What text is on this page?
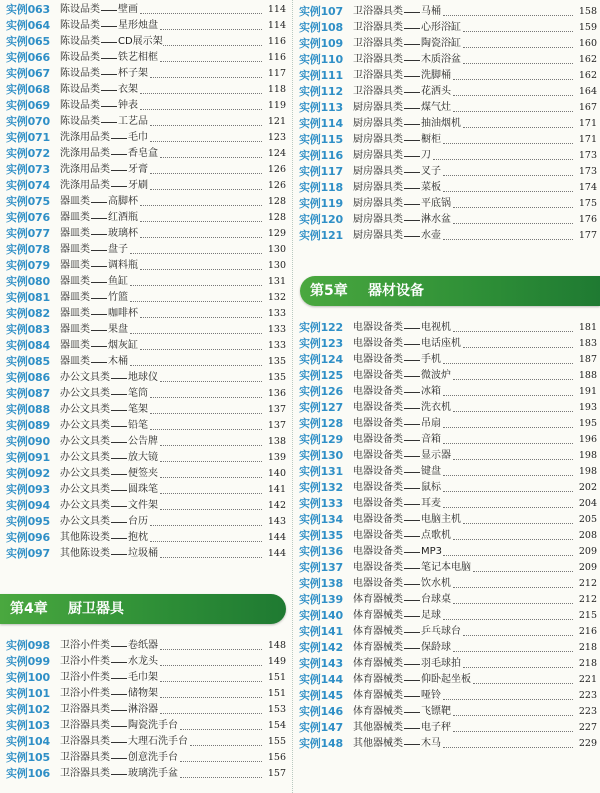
实例063 陈设品类 壁画	114
实例064 陈设品类 星形烛盘	114
实例065 陈设品类 CD展示架	116
实例066 陈设品类 铁艺相框	116
实例067 陈设品类 杯子架	117
实例068 陈设品类 衣架	118
实例069 陈设品类 钟表	119
实例070 陈设品类 工艺品	121
实例071 洗涤用品类 毛巾	123
实例072 洗涤用品类 香皂盒	124
实例073 洗涤用品类 牙膏	126
实例074 洗涤用品类 牙刷	126
实例075 器皿类 高脚杯	128
实例076 器皿类 红酒瓶	128
实例077 器皿类 玻璃杯	129
实例078 器皿类 盘子	130
实例079 器皿类 调料瓶	130
实例080 器皿类 鱼缸	131
实例081 器皿类 竹篮	132
实例082 器皿类 咖啡杯	133
实例083 器皿类 果盘	133
实例084 器皿类 烟灰缸	133
实例085 器皿类 木桶	135
实例086 办公文具类 地球仪	135
实例087 办公文具类 笔筒	136
实例088 办公文具类 笔架	137
实例089 办公文具类 铅笔	137
实例090 办公文具类 公告牌	138
实例091 办公文具类 放大镜	139
实例092 办公文具类 便签夹	140
实例093 办公文具类 圆珠笔	141
实例094 办公文具类 文件架	142
实例095 办公文具类 台历	143
实例096 其他陈设类 抱枕	144
实例097 其他陈设类 垃圾桶	144
第4章 厨卫器具
实例098 卫浴小件类 卷纸器	148
实例099 卫浴小件类 水龙头	149
实例100 卫浴小件类 毛巾架	151
实例101 卫浴小件类 储物架	151
实例102 卫浴器具类 淋浴器	153
实例103 卫浴器具类 陶瓷洗手台	154
实例104 卫浴器具类 大理石洗手台	155
实例105 卫浴器具类 创意洗手台	156
实例106 卫浴器具类 玻璃洗手盆	157
实例107 卫浴器具类 马桶	158
实例108 卫浴器具类 心形浴缸	159
实例109 卫浴器具类 陶瓷浴缸	160
实例110 卫浴器具类 木质浴盆	162
实例111 卫浴器具类 洗脚桶	162
实例112 卫浴器具类 花洒头	164
实例113 厨房器具类 煤气灶	167
实例114 厨房器具类 抽油烟机	171
实例115 厨房器具类 橱柜	171
实例116 厨房器具类 刀	173
实例117 厨房器具类 叉子	173
实例118 厨房器具类 菜板	174
实例119 厨房器具类 平底锅	175
实例120 厨房器具类 淋水盆	176
实例121 厨房器具类 水壶	177
第5章 器材设备
实例122 电器设备类 电视机	181
实例123 电器设备类 电话座机	183
实例124 电器设备类 手机	187
实例125 电器设备类 微波炉	188
实例126 电器设备类 冰箱	191
实例127 电器设备类 洗衣机	193
实例128 电器设备类 吊扇	195
实例129 电器设备类 音箱	196
实例130 电器设备类 显示器	198
实例131 电器设备类 键盘	198
实例132 电器设备类 鼠标	202
实例133 电器设备类 耳麦	204
实例134 电器设备类 电脑主机	205
实例135 电器设备类 点歌机	208
实例136 电器设备类 MP3	209
实例137 电器设备类 笔记本电脑	209
实例138 电器设备类 饮水机	212
实例139 体育器械类 台球桌	212
实例140 体育器械类 足球	215
实例141 体育器械类 乒乓球台	216
实例142 体育器械类 保龄球	218
实例143 体育器械类 羽毛球拍	218
实例144 体育器械类 仰卧起坐板	221
实例145 体育器械类 哑铃	223
实例146 体育器械类 飞镖靶	223
实例147 其他器械类 电子秤	227
实例148 其他器械类 木马	229
